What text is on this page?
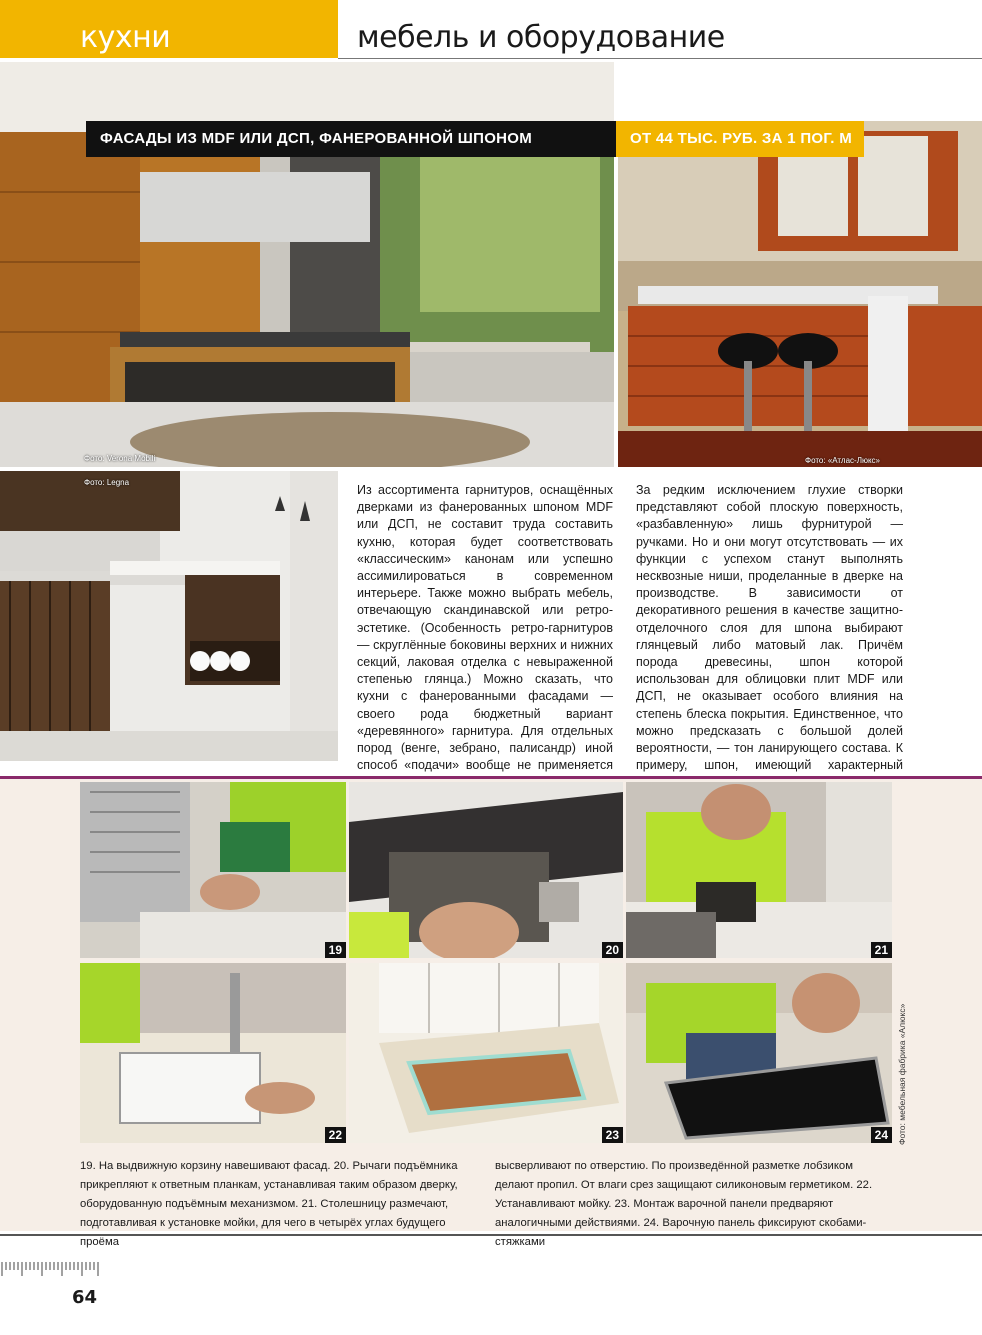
кухни	мебель и оборудование
Фото: Verona Mobili	Фото: «Атлас-Люкс»
ФАСАДЫ ИЗ MDF ИЛИ ДСП, ФАНЕРОВАННОЙ ШПОНОМ	ОТ 44 ТЫС. РУБ. ЗА 1 ПОГ. М
Фото: Legna
Из ассортимента гарнитуров, оснащённых дверками из фанерованных шпоном MDF или ДСП, не составит труда составить кухню, которая будет соответствовать «классическим» канонам или успешно ассимилироваться в современном интерьере. Также можно выбрать мебель, отвечающую скандинавской или ретро-эстетике. (Особенность ретро-гарнитуров — скруглённые боковины верхних и нижних секций, лаковая отделка с невыраженной степенью глянца.) Можно сказать, что кухни с фанерованными фасадами — своего рода бюджетный вариант «деревянного» гарнитура. Для отдельных пород (венге, зебрано, палисандр) иной способ «подачи» вообще не применяется
За редким исключением глухие створки представляют собой плоскую поверхность, «разбавленную» лишь фурнитурой — ручками. Но и они могут отсутствовать — их функции с успехом станут выполнять несквозные ниши, проделанные в дверке на производстве. В зависимости от декоративного решения в качестве защитно-отделочного слоя для шпона выбирают глянцевый либо матовый лак. Причём порода древесины, шпон которой использован для облицовки плит MDF или ДСП, не оказывает особого влияния на степень блеска покрытия. Единственное, что можно предсказать с большой долей вероятности, — тон ланирующего состава. К примеру, шпон, имеющий характерный
19	20	21
22	23	24	Фото: мебельная фабрика «Алюкс»
19. На выдвижную корзину навешивают фасад. 20. Рычаги подъёмника прикрепляют к ответным планкам, устанавливая таким образом дверку, оборудованную подъёмным механизмом. 21. Столешницу размечают, подготавливая к установке мойки, для чего в четырёх углах будущего проёма
высверливают по отверстию. По произведённой разметке лобзиком делают пропил. От влаги срез защищают силиконовым герметиком. 22. Устанавливают мойку. 23. Монтаж варочной панели предваряют аналогичными действиями. 24. Варочную панель фиксируют скобами-стяжками
64
